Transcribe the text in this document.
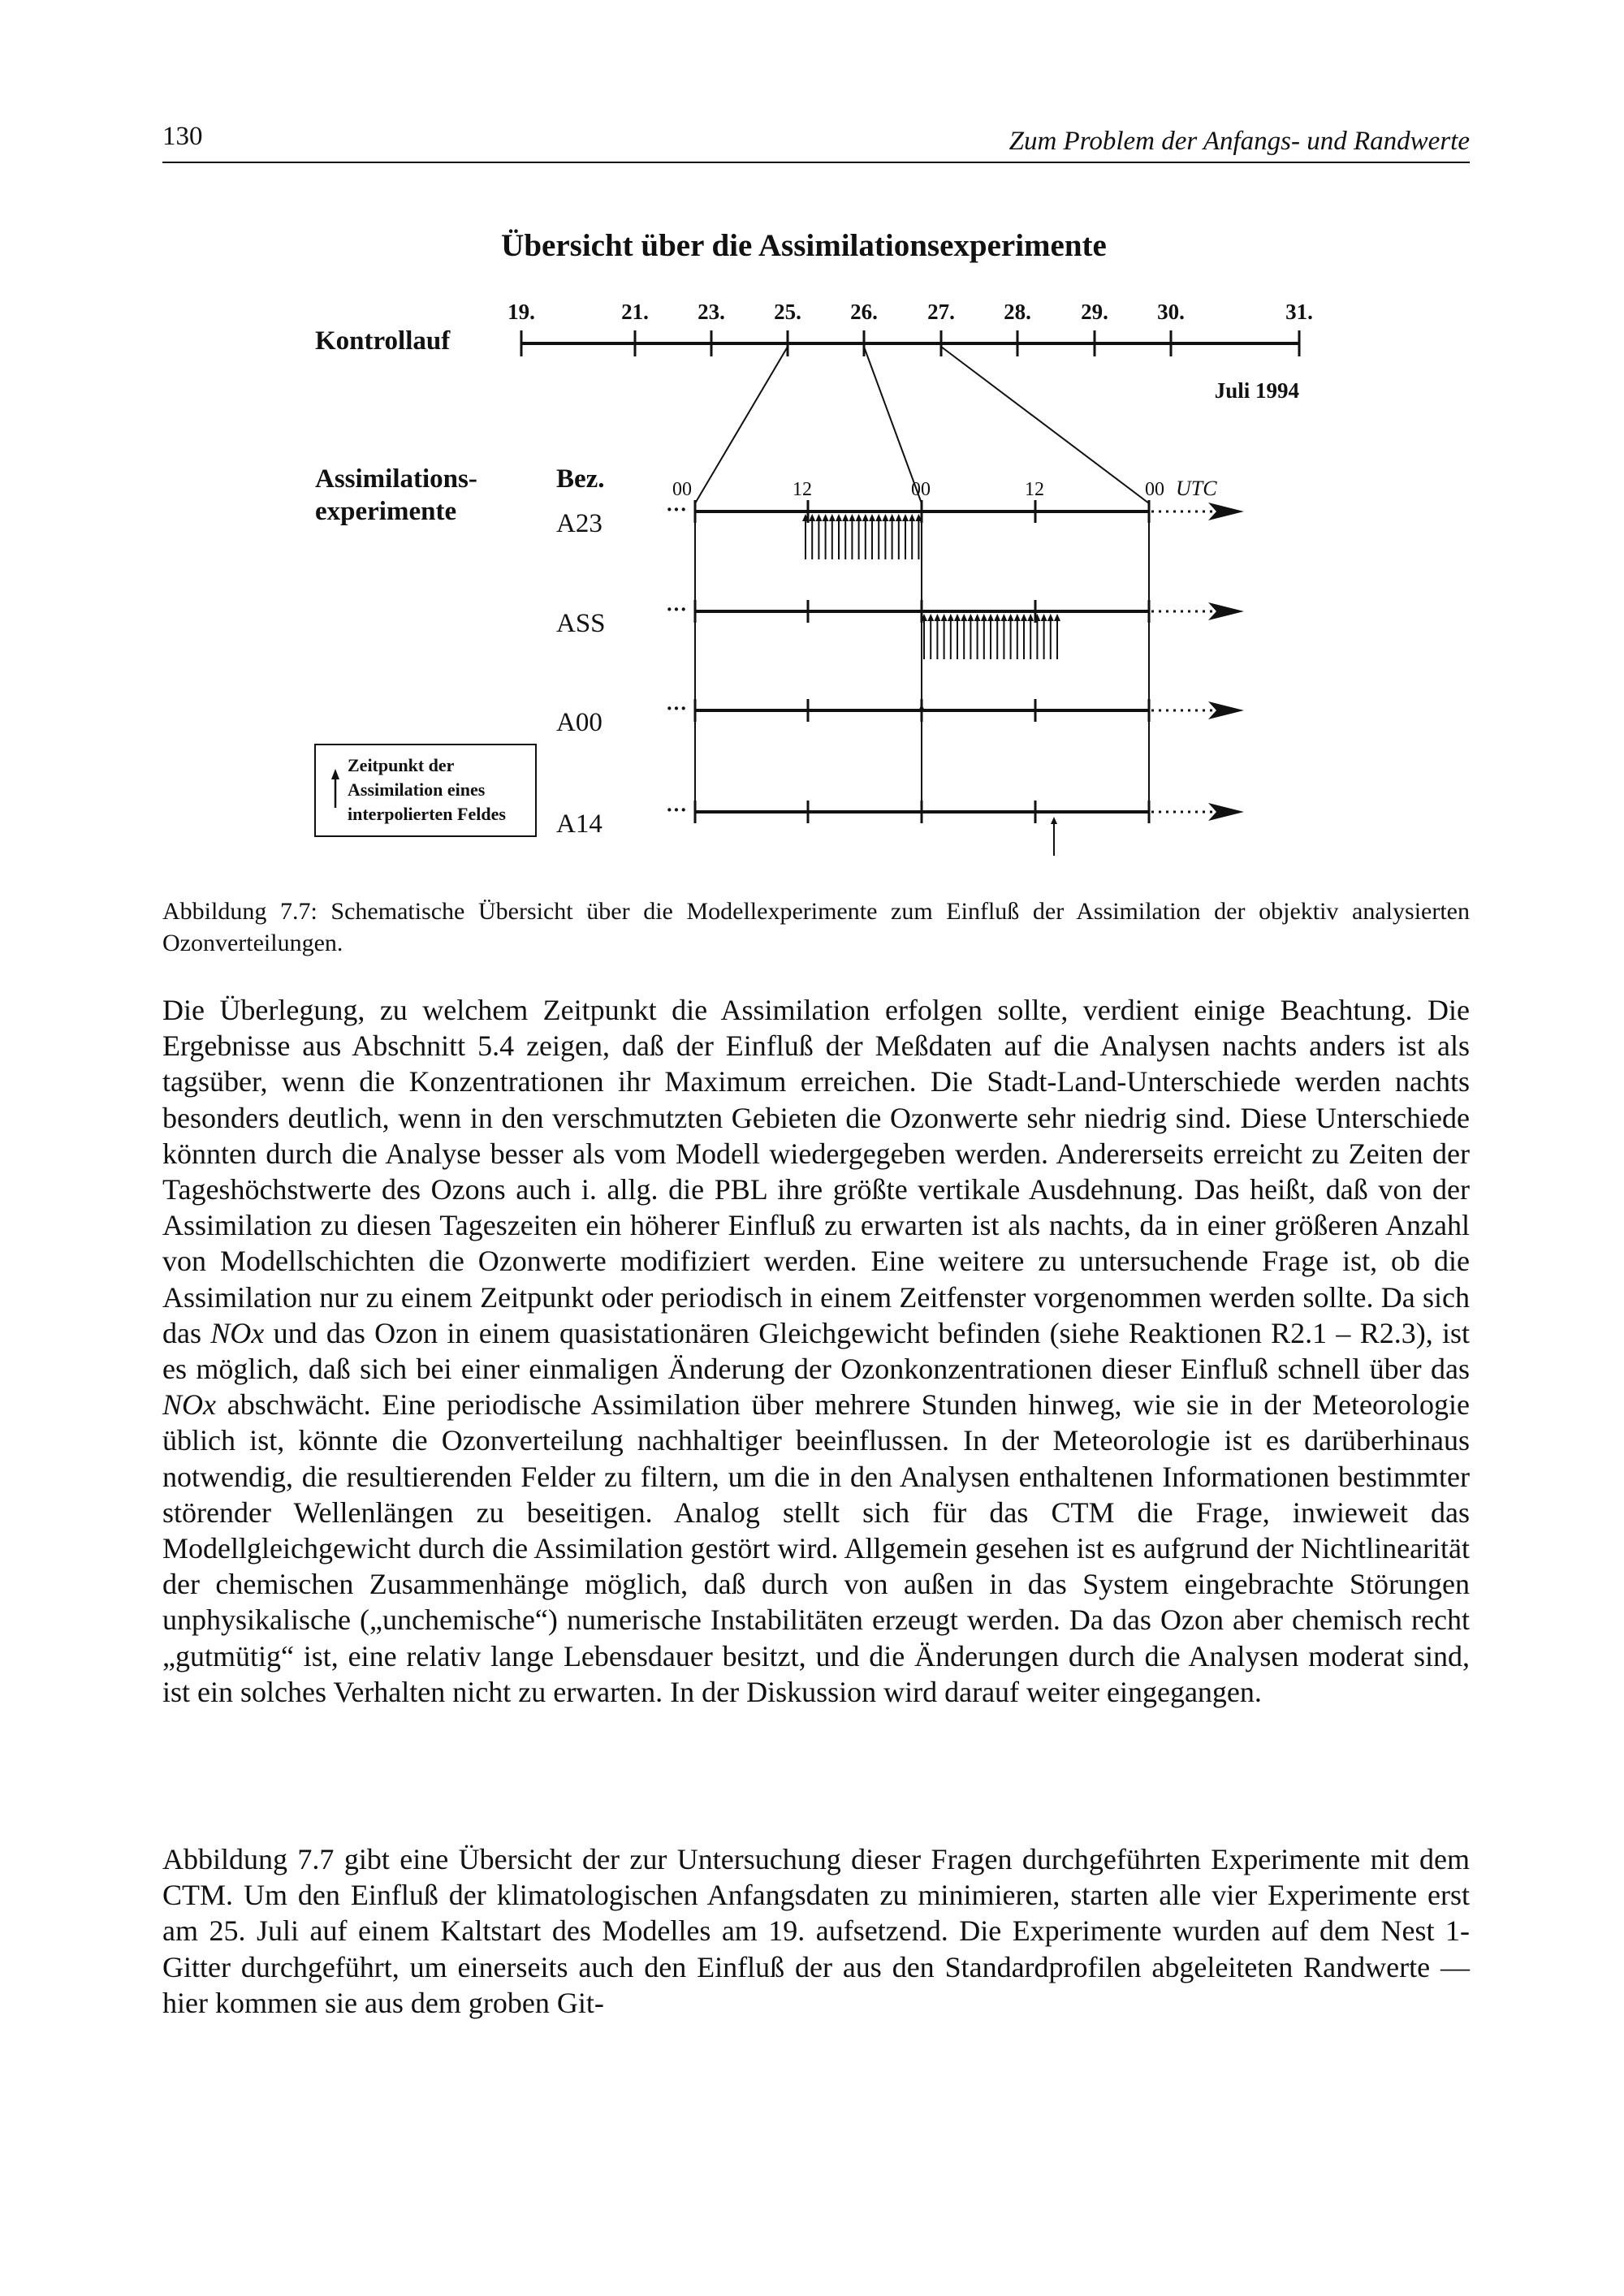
130	Zum Problem der Anfangs- und Randwerte
Übersicht über die Assimilationsexperimente
Kontrollauf
19.	21. 23. 25. 26. 27. 28. 29. 30.	31.
Juli 1994
Assimilations-
experimente
Bez.	00	12	00	12	00 UTC
A23
ASS
A00
A14
···
···
···
···
Zeitpunkt der
Assimilation eines
interpolierten Feldes
Abbildung 7.7: Schematische Übersicht über die Modellexperimente zum Einfluß der Assimilation der objektiv analysierten Ozonverteilungen.
Die Überlegung, zu welchem Zeitpunkt die Assimilation erfolgen sollte, verdient einige Beachtung. Die Ergebnisse aus Abschnitt 5.4 zeigen, daß der Einfluß der Meßdaten auf die Analysen nachts anders ist als tagsüber, wenn die Konzentrationen ihr Maximum erreichen. Die Stadt-Land-Unterschiede werden nachts besonders deutlich, wenn in den verschmutzten Gebieten die Ozonwerte sehr niedrig sind. Diese Unterschiede könnten durch die Analyse besser als vom Modell wiedergegeben werden. Andererseits erreicht zu Zeiten der Tageshöchstwerte des Ozons auch i. allg. die PBL ihre größte vertikale Ausdehnung. Das heißt, daß von der Assimilation zu diesen Tageszeiten ein höherer Einfluß zu erwarten ist als nachts, da in einer größeren Anzahl von Modellschichten die Ozonwerte modifiziert werden. Eine weitere zu untersuchende Frage ist, ob die Assimilation nur zu einem Zeitpunkt oder periodisch in einem Zeitfenster vorgenommen werden sollte. Da sich das NOx und das Ozon in einem quasistationären Gleichgewicht befinden (siehe Reaktionen R2.1 – R2.3), ist es möglich, daß sich bei einer einmaligen Änderung der Ozonkonzentrationen dieser Einfluß schnell über das NOx abschwächt. Eine periodische Assimilation über mehrere Stunden hinweg, wie sie in der Meteorologie üblich ist, könnte die Ozonverteilung nachhaltiger beeinflussen. In der Meteorologie ist es darüberhinaus notwendig, die resultierenden Felder zu filtern, um die in den Analysen enthaltenen Informationen bestimmter störender Wellenlängen zu beseitigen. Analog stellt sich für das CTM die Frage, inwieweit das Modellgleichgewicht durch die Assimilation gestört wird. Allgemein gesehen ist es aufgrund der Nichtlinearität der chemischen Zusammenhänge möglich, daß durch von außen in das System eingebrachte Störungen unphysikalische („unchemische“) numerische Instabilitäten erzeugt werden. Da das Ozon aber chemisch recht „gutmütig“ ist, eine relativ lange Lebensdauer besitzt, und die Änderungen durch die Analysen moderat sind, ist ein solches Verhalten nicht zu erwarten. In der Diskussion wird darauf weiter eingegangen.
Abbildung 7.7 gibt eine Übersicht der zur Untersuchung dieser Fragen durchgeführten Experimente mit dem CTM. Um den Einfluß der klimatologischen Anfangsdaten zu minimieren, starten alle vier Experimente erst am 25. Juli auf einem Kaltstart des Modelles am 19. aufsetzend. Die Experimente wurden auf dem Nest 1-Gitter durchgeführt, um einerseits auch den Einfluß der aus den Standardprofilen abgeleiteten Randwerte — hier kommen sie aus dem groben Git-
